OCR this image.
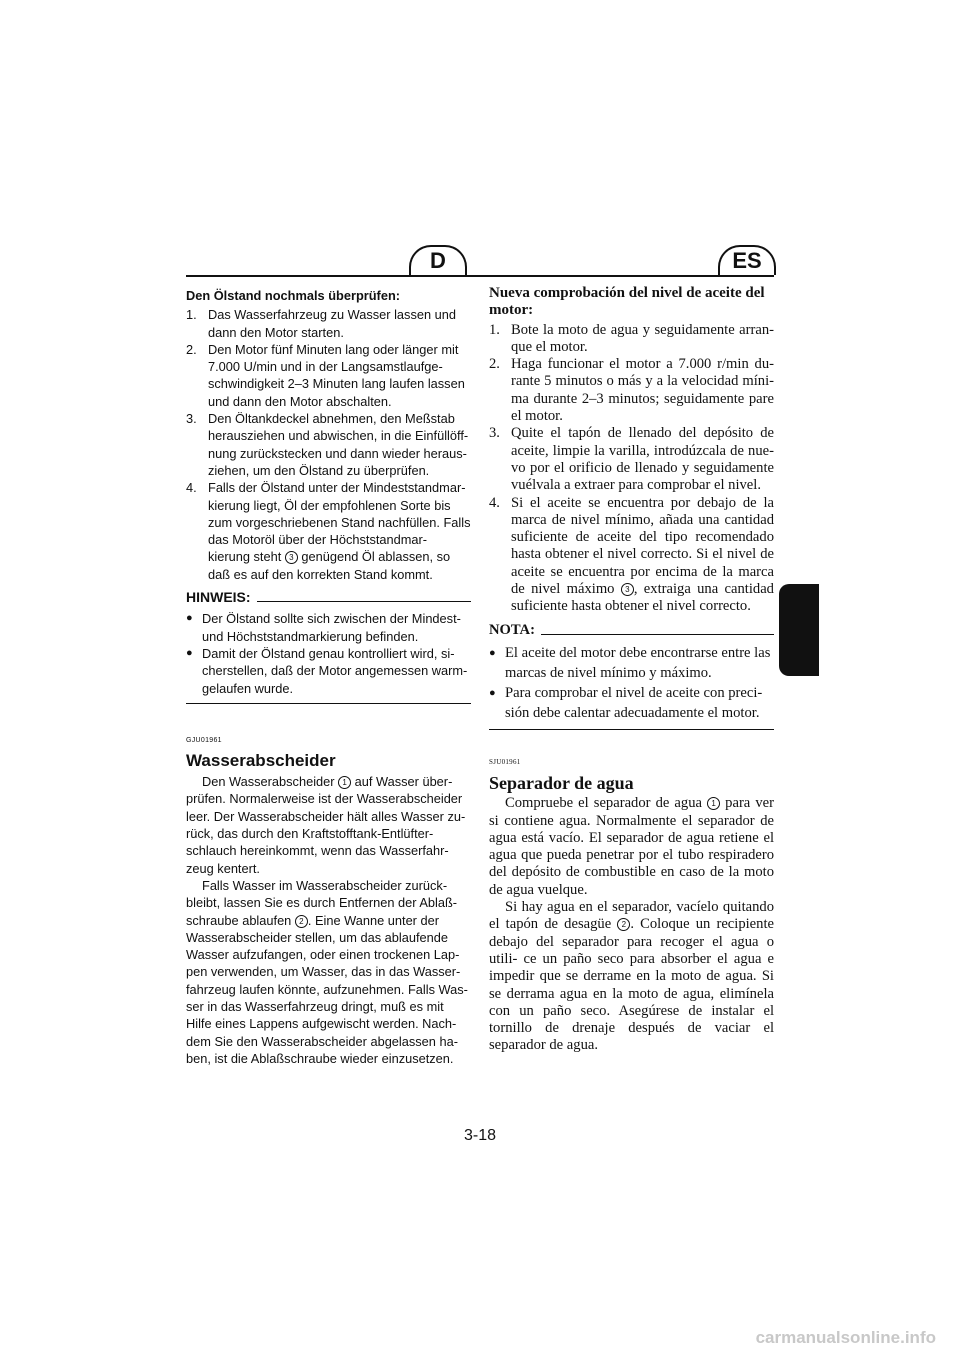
D	ES
Den Ölstand nochmals überprüfen:
1. Das Wasserfahrzeug zu Wasser lassen und dann den Motor starten.
2. Den Motor fünf Minuten lang oder länger mit 7.000 U/min und in der Langsamstlaufge- schwindigkeit 2–3 Minuten lang laufen lassen und dann den Motor abschalten.
3. Den Öltankdeckel abnehmen, den Meßstab herausziehen und abwischen, in die Einfüllöff- nung zurückstecken und dann wieder heraus- ziehen, um den Ölstand zu überprüfen.
4. Falls der Ölstand unter der Mindeststandmar- kierung liegt, Öl der empfohlenen Sorte bis zum vorgeschriebenen Stand nachfüllen. Falls das Motoröl über der Höchststandmar- kierung steht 3 genügend Öl ablassen, so daß es auf den korrekten Stand kommt.
HINWEIS:
● Der Ölstand sollte sich zwischen der Mindest- und Höchststandmarkierung befinden.
● Damit der Ölstand genau kontrolliert wird, si- cherstellen, daß der Motor angemessen warm- gelaufen wurde.
GJU01961
Wasserabscheider

Den Wasserabscheider 1 auf Wasser über- prüfen. Normalerweise ist der Wasserabscheider leer. Der Wasserabscheider hält alles Wasser zu- rück, das durch den Kraftstofftank-Entlüfter- schlauch hereinkommt, wenn das Wasserfahr- zeug kentert.

Falls Wasser im Wasserabscheider zurück- bleibt, lassen Sie es durch Entfernen der Ablaß- schraube ablaufen 2 . Eine Wanne unter der Wasserabscheider stellen, um das ablaufende Wasser aufzufangen, oder einen trockenen Lap- pen verwenden, um Wasser, das in das Wasser- fahrzeug laufen könnte, aufzunehmen. Falls Was- ser in das Wasserfahrzeug dringt, muß es mit Hilfe eines Lappens aufgewischt werden. Nach- dem Sie den Wasserabscheider abgelassen ha- ben, ist die Ablaßschraube wieder einzusetzen.

Nueva comprobación del nivel de aceite del motor:
1. Bote la moto de agua y seguidamente arran- que el motor.
2. Haga funcionar el motor a 7.000 r/min du- rante 5 minutos o más y a la velocidad míni- ma durante 2–3 minutos; seguidamente pare el motor.
3. Quite el tapón de llenado del depósito de aceite, limpie la varilla, introdúzcala de nue- vo por el orificio de llenado y seguidamente vuélvala a extraer para comprobar el nivel.
4. Si el aceite se encuentra por debajo de la marca de nivel mínimo, añada una cantidad suficiente de aceite del tipo recomendado hasta obtener el nivel correcto. Si el nivel de aceite se encuentra por encima de la marca de nivel máximo 3 , extraiga una cantidad suficiente hasta obtener el nivel correcto.
NOTA:
● El aceite del motor debe encontrarse entre las marcas de nivel mínimo y máximo.
● Para comprobar el nivel de aceite con preci- sión debe calentar adecuadamente el motor.
SJU01961
Separador de agua

Compruebe el separador de agua 1 para ver si contiene agua. Normalmente el separador de agua está vacío. El separador de agua retiene el agua que pueda penetrar por el tubo respiradero del depósito de combustible en caso de la moto de agua vuelque.

Si hay agua en el separador, vacíelo quitando el tapón de desagüe 2 . Coloque un recipiente debajo del separador para recoger el agua o utili- ce un paño seco para absorber el agua e impedir que se derrame en la moto de agua. Si se derrama agua en la moto de agua, elimínela con un paño seco. Asegúrese de instalar el tornillo de drenaje después de vaciar el separador de agua.

3-18
carmanualsonline.info
